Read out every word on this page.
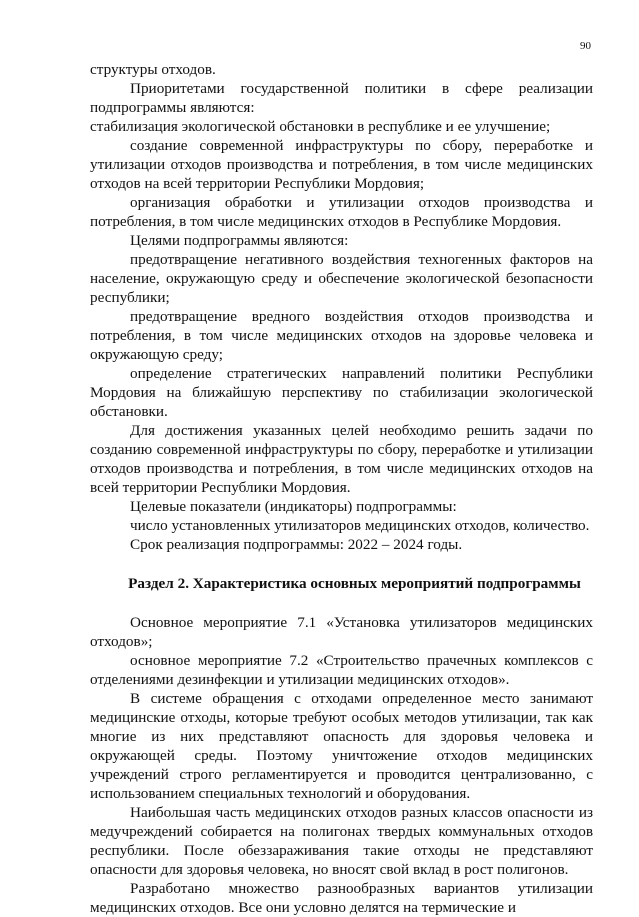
90

структуры отходов.

Приоритетами государственной политики в сфере реализации подпрограммы являются:

стабилизация экологической обстановки в республике и ее улучшение;

создание современной инфраструктуры по сбору, переработке и утилизации отходов производства и потребления, в том числе медицинских отходов на всей территории Республики Мордовия;

организация обработки и утилизации отходов производства и потребления, в том числе медицинских отходов в Республике Мордовия.

Целями подпрограммы являются:

предотвращение негативного воздействия техногенных факторов на население, окружающую среду и обеспечение экологической безопасности республики;

предотвращение вредного воздействия отходов производства и потребления, в том числе медицинских отходов на здоровье человека и окружающую среду;

определение стратегических направлений политики Республики Мордовия на ближайшую перспективу по стабилизации экологической обстановки.

Для достижения указанных целей необходимо решить задачи по созданию современной инфраструктуры по сбору, переработке и утилизации отходов производства и потребления, в том числе медицинских отходов на всей территории Республики Мордовия.

Целевые показатели (индикаторы) подпрограммы:

число установленных утилизаторов медицинских отходов, количество.

Срок реализация подпрограммы: 2022 – 2024 годы.

Раздел 2. Характеристика основных мероприятий подпрограммы

Основное мероприятие 7.1 «Установка утилизаторов медицинских отходов»;

основное мероприятие 7.2 «Строительство прачечных комплексов с отделениями дезинфекции и утилизации медицинских отходов».

В системе обращения с отходами определенное место занимают медицинские отходы, которые требуют особых методов утилизации, так как многие из них представляют опасность для здоровья человека и окружающей среды. Поэтому уничтожение отходов медицинских учреждений строго регламентируется и проводится централизованно, с использованием специальных технологий и оборудования.

Наибольшая часть медицинских отходов разных классов опасности из медучреждений собирается на полигонах твердых коммунальных отходов республики. После обеззараживания такие отходы не представляют опасности для здоровья человека, но вносят свой вклад в рост полигонов.

Разработано множество разнообразных вариантов утилизации медицинских отходов. Все они условно делятся на термические и
